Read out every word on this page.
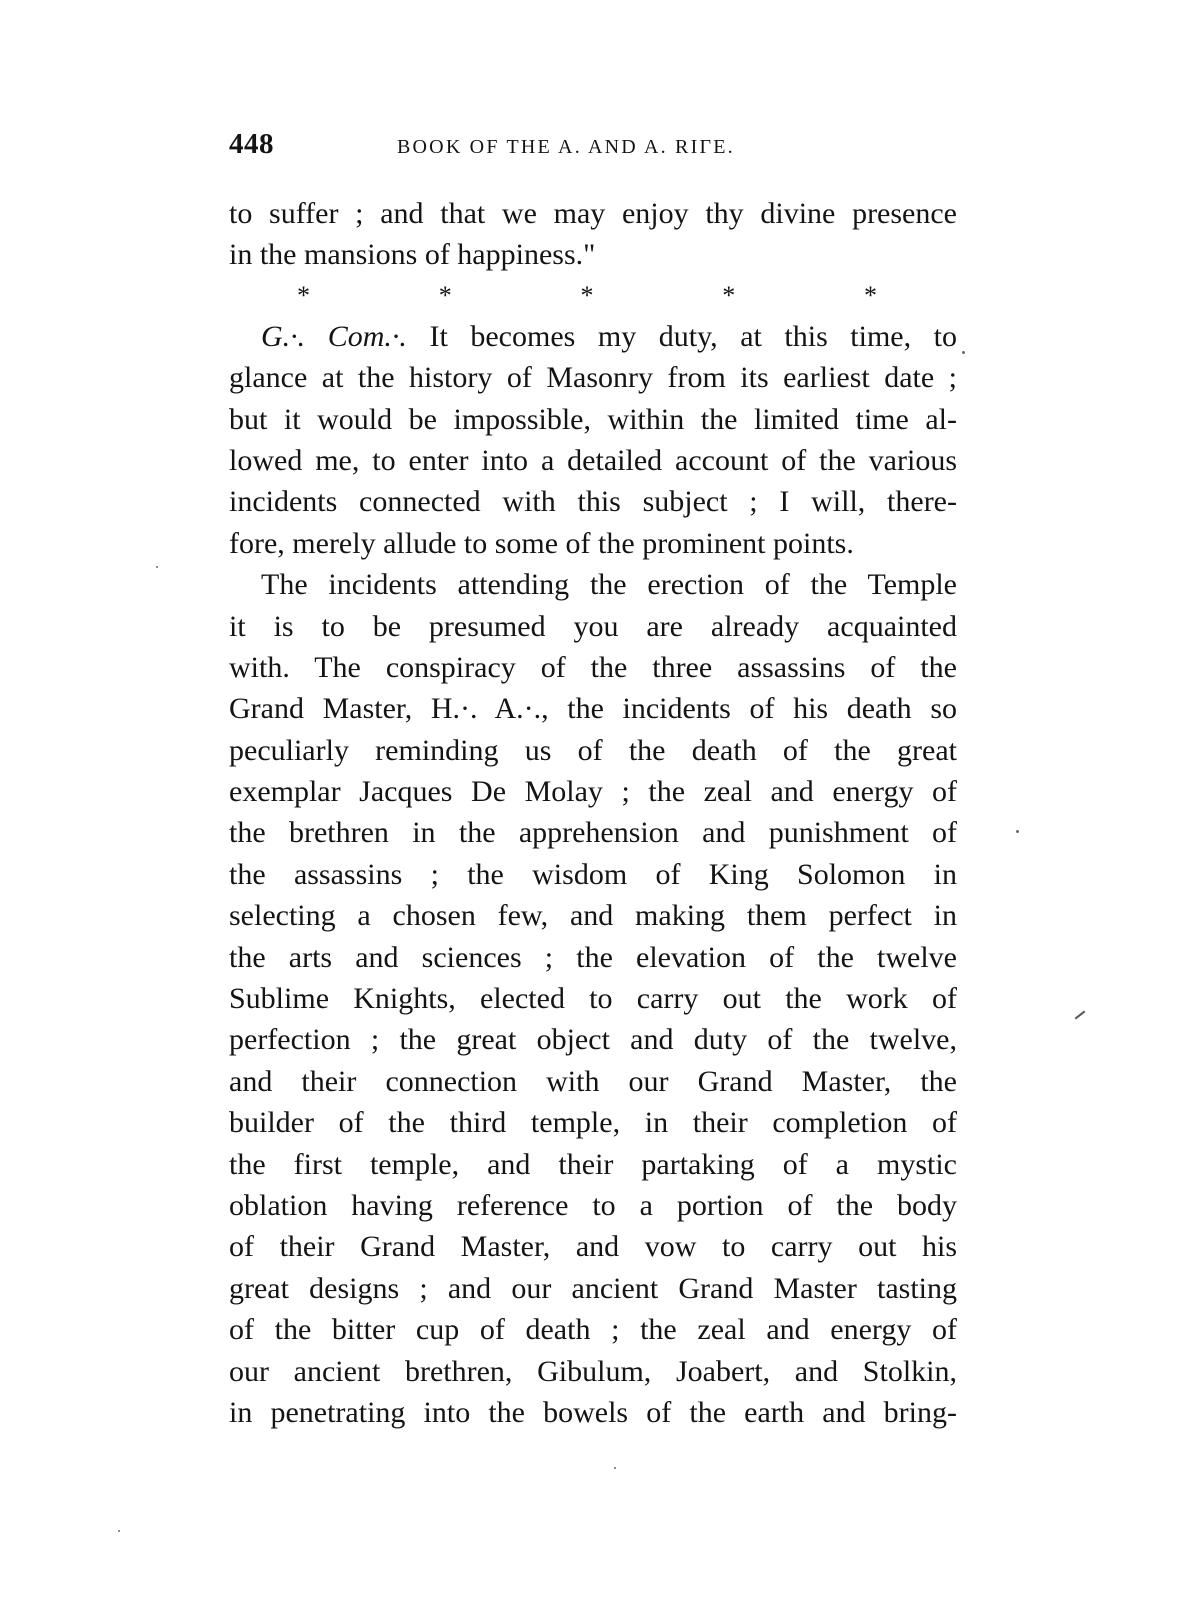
448	BOOK OF THE A. AND A. RIΓE.
to suffer ; and that we may enjoy thy divine presence
in the mansions of happiness."
*	*	*	*	*
G.·. Com.·. It becomes my duty, at this time, to
glance at the history of Masonry from its earliest date ;
but it would be impossible, within the limited time al-
lowed me, to enter into a detailed account of the various
incidents connected with this subject ; I will, there-
fore, merely allude to some of the prominent points.
The incidents attending the erection of the Temple
it is to be presumed you are already acquainted
with. The conspiracy of the three assassins of the
Grand Master, H.·. A.·., the incidents of his death so
peculiarly reminding us of the death of the great
exemplar Jacques De Molay ; the zeal and energy of
the brethren in the apprehension and punishment of
the assassins ; the wisdom of King Solomon in
selecting a chosen few, and making them perfect in
the arts and sciences ; the elevation of the twelve
Sublime Knights, elected to carry out the work of
perfection ; the great object and duty of the twelve,
and their connection with our Grand Master, the
builder of the third temple, in their completion of
the first temple, and their partaking of a mystic
oblation having reference to a portion of the body
of their Grand Master, and vow to carry out his
great designs ; and our ancient Grand Master tasting
of the bitter cup of death ; the zeal and energy of
our ancient brethren, Gibulum, Joabert, and Stolkin,
in penetrating into the bowels of the earth and bring-
